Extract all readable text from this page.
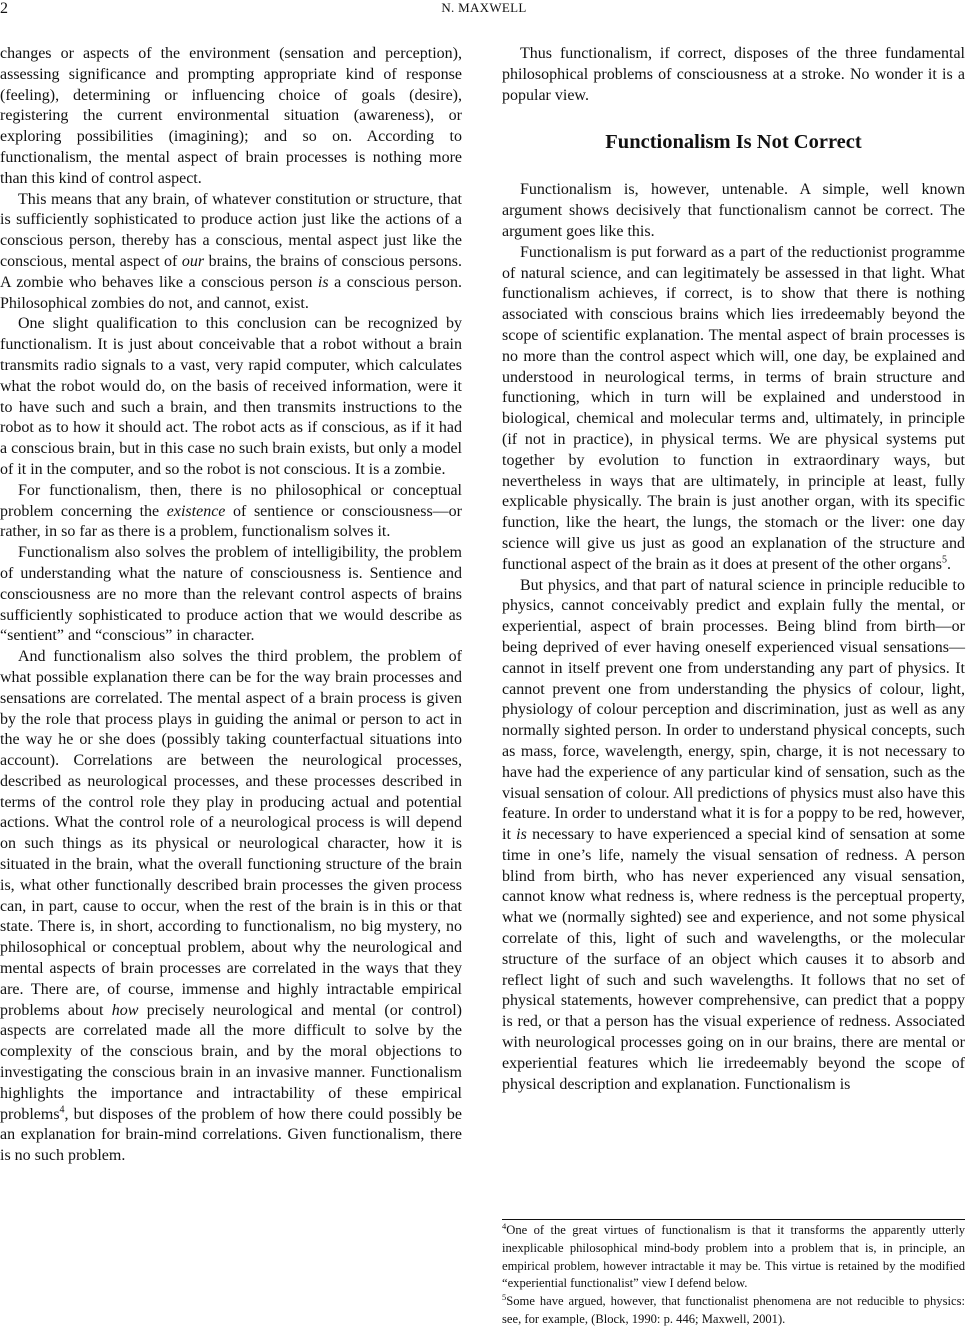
2	N. MAXWELL

changes or aspects of the environment (sensation and perception), assessing significance and prompting appropriate kind of response (feeling), determining or influencing choice of goals (desire), registering the current environmental situation (awareness), or exploring possibilities (imagining); and so on. According to functionalism, the mental aspect of brain processes is nothing more than this kind of control aspect.

This means that any brain, of whatever constitution or structure, that is sufficiently sophisticated to produce action just like the actions of a conscious person, thereby has a conscious, mental aspect just like the conscious, mental aspect of our brains, the brains of conscious persons. A zombie who behaves like a conscious person is a conscious person. Philosophical zombies do not, and cannot, exist.

One slight qualification to this conclusion can be recognized by functionalism. It is just about conceivable that a robot without a brain transmits radio signals to a vast, very rapid computer, which calculates what the robot would do, on the basis of received information, were it to have such and such a brain, and then transmits instructions to the robot as to how it should act. The robot acts as if conscious, as if it had a conscious brain, but in this case no such brain exists, but only a model of it in the computer, and so the robot is not conscious. It is a zombie.

For functionalism, then, there is no philosophical or conceptual problem concerning the existence of sentience or consciousness—or rather, in so far as there is a problem, functionalism solves it.

Functionalism also solves the problem of intelligibility, the problem of understanding what the nature of consciousness is. Sentience and consciousness are no more than the relevant control aspects of brains sufficiently sophisticated to produce action that we would describe as “sentient” and “conscious” in character.

And functionalism also solves the third problem, the problem of what possible explanation there can be for the way brain processes and sensations are correlated. The mental aspect of a brain process is given by the role that process plays in guiding the animal or person to act in the way he or she does (possibly taking counterfactual situations into account). Correlations are between the neurological processes, described as neurological processes, and these processes described in terms of the control role they play in producing actual and potential actions. What the control role of a neurological process is will depend on such things as its physical or neurological character, how it is situated in the brain, what the overall functioning structure of the brain is, what other functionally described brain processes the given process can, in part, cause to occur, when the rest of the brain is in this or that state. There is, in short, according to functionalism, no big mystery, no philosophical or conceptual problem, about why the neurological and mental aspects of brain processes are correlated in the ways that they are. There are, of course, immense and highly intractable empirical problems about how precisely neurological and mental (or control) aspects are correlated made all the more difficult to solve by the complexity of the conscious brain, and by the moral objections to investigating the conscious brain in an invasive manner. Functionalism highlights the importance and intractability of these empirical problems$^4$, but disposes of the problem of how there could possibly be an explanation for brain-mind correlations. Given functionalism, there is no such problem.

Thus functionalism, if correct, disposes of the three fundamental philosophical problems of consciousness at a stroke. No wonder it is a popular view.

Functionalism Is Not Correct

Functionalism is, however, untenable. A simple, well known argument shows decisively that functionalism cannot be correct. The argument goes like this.

Functionalism is put forward as a part of the reductionist programme of natural science, and can legitimately be assessed in that light. What functionalism achieves, if correct, is to show that there is nothing associated with conscious brains which lies irredeemably beyond the scope of scientific explanation. The mental aspect of brain processes is no more than the control aspect which will, one day, be explained and understood in neurological terms, in terms of brain structure and functioning, which in turn will be explained and understood in biological, chemical and molecular terms and, ultimately, in principle (if not in practice), in physical terms. We are physical systems put together by evolution to function in extraordinary ways, but nevertheless in ways that are ultimately, in principle at least, fully explicable physically. The brain is just another organ, with its specific function, like the heart, the lungs, the stomach or the liver: one day science will give us just as good an explanation of the structure and functional aspect of the brain as it does at present of the other organs$^5$.

But physics, and that part of natural science in principle reducible to physics, cannot conceivably predict and explain fully the mental, or experiential, aspect of brain processes. Being blind from birth—or being deprived of ever having oneself experienced visual sensations—cannot in itself prevent one from understanding any part of physics. It cannot prevent one from understanding the physics of colour, light, physiology of colour perception and discrimination, just as well as any normally sighted person. In order to understand physical concepts, such as mass, force, wavelength, energy, spin, charge, it is not necessary to have had the experience of any particular kind of sensation, such as the visual sensation of colour. All predictions of physics must also have this feature. In order to understand what it is for a poppy to be red, however, it is necessary to have experienced a special kind of sensation at some time in one’s life, namely the visual sensation of redness. A person blind from birth, who has never experienced any visual sensation, cannot know what redness is, where redness is the perceptual property, what we (normally sighted) see and experience, and not some physical correlate of this, light of such and wavelengths, or the molecular structure of the surface of an object which causes it to absorb and reflect light of such and such wavelengths. It follows that no set of physical statements, however comprehensive, can predict that a poppy is red, or that a person has the visual experience of redness. Associated with neurological processes going on in our brains, there are mental or experiential features which lie irredeemably beyond the scope of physical description and explanation. Functionalism is

$^4$One of the great virtues of functionalism is that it transforms the apparently utterly inexplicable philosophical mind-body problem into a problem that is, in principle, an empirical problem, however intractable it may be. This virtue is retained by the modified “experiential functionalist” view I defend below.

$^5$Some have argued, however, that functionalist phenomena are not reducible to physics: see, for example, (Block, 1990: p. 446; Maxwell, 2001).
